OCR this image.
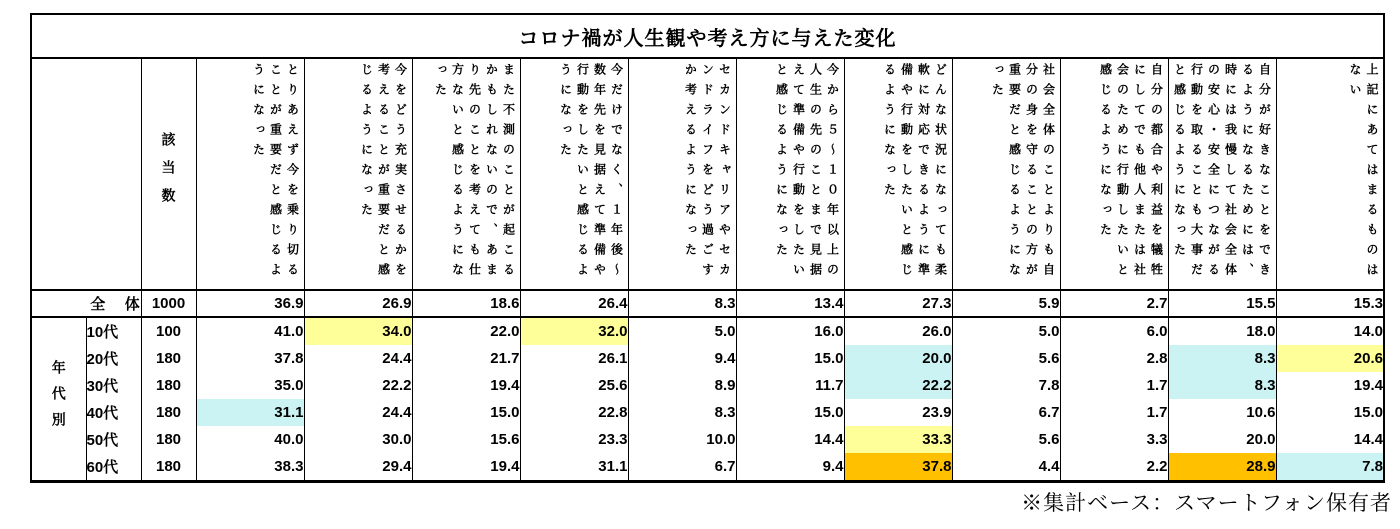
コロナ禍が人生観や考え方に与えた変化													

		該当数	とりあえず今を乗り切ることが重要だと感じるようになった	今をどう充実させるかを考えることが重要だと感じるようになった	また不測のことが起こるかもしれないので、あまり先のことを考えても仕方ないと感じるようになった	今だけでなく、１年後～数年先を見据えて準備や行動をしたいと感じるようになった	セカンドキャリアやセカンドライフをどう過ごすか考えるようになった	今から５～１０年以上の人生の先のことまで見据えて準備や行動をしたいと感じるようになった	どんな状況になっても柔軟に対応できるように準備や行動をしたいと感じるようになった	社会全体のことよりも自分の身を守ることの方が重要だと感じるようになった	自分の都合や利益を犠牲にしてでも他人または社会のために行動したいと感じるようになった	自分が好きなことをできるようになるためには、時には我慢して社会全体の安心・安全につながる行動を取ることも大事だと感じるようになった	上記にあてはまるものはない

全体		1000	36.9	26.9	18.6	26.4	8.3	13.4	27.3	5.9	2.7	15.5	15.3

年代別	10代	100	41.0	34.0	22.0	32.0	5.0	16.0	26.0	5.0	6.0	18.0	14.0
	20代	180	37.8	24.4	21.7	26.1	9.4	15.0	20.0	5.6	2.8	8.3	20.6
	30代	180	35.0	22.2	19.4	25.6	8.9	11.7	22.2	7.8	1.7	8.3	19.4
	40代	180	31.1	24.4	15.0	22.8	8.3	15.0	23.9	6.7	1.7	10.6	15.0
	50代	180	40.0	30.0	15.6	23.3	10.0	14.4	33.3	5.6	3.3	20.0	14.4
	60代	180	38.3	29.4	19.4	31.1	6.7	9.4	37.8	4.4	2.2	28.9	7.8
※集計ベース：スマートフォン保有者
